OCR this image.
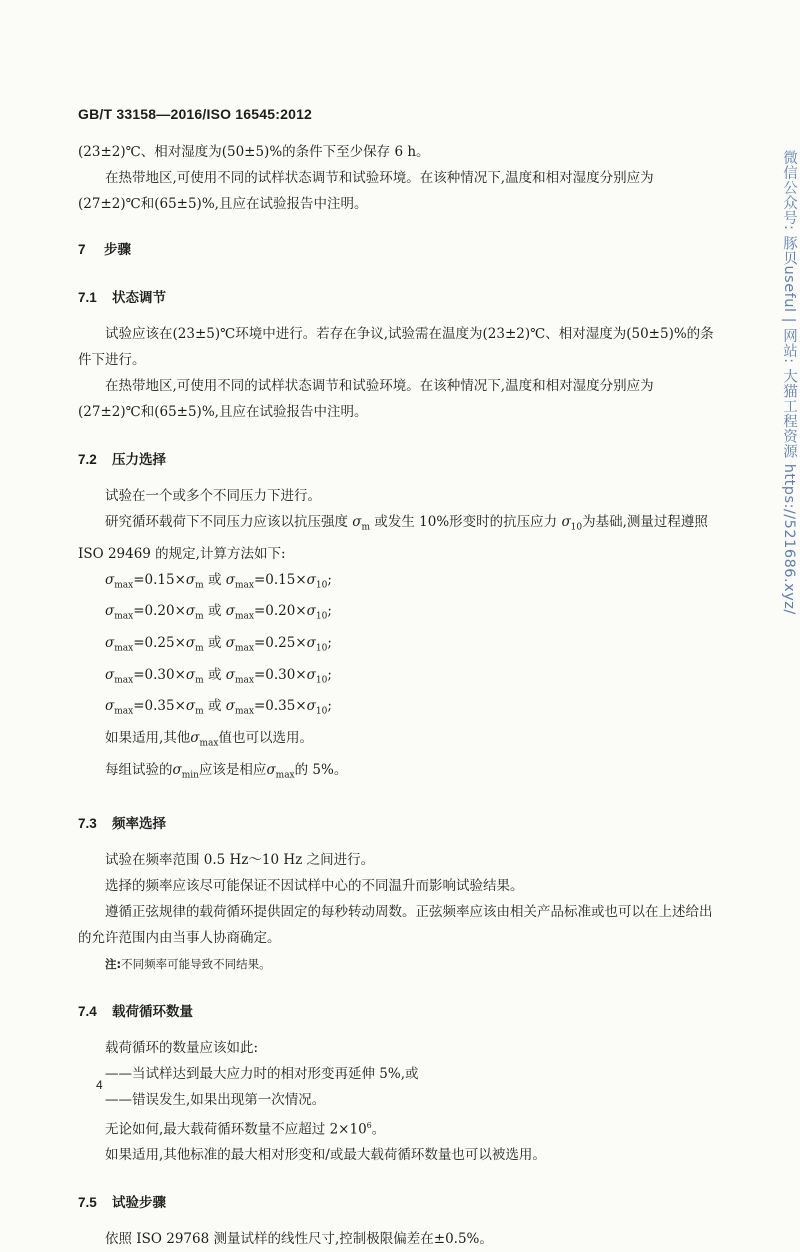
GB/T 33158—2016/ISO 16545:2012

(23±2)℃、相对湿度为(50±5)%的条件下至少保存 6 h。

在热带地区,可使用不同的试样状态调节和试验环境。在该种情况下,温度和相对湿度分别应为(27±2)℃和(65±5)%,且应在试验报告中注明。

7 步骤
7.1 状态调节

试验应该在(23±5)℃环境中进行。若存在争议,试验需在温度为(23±2)℃、相对湿度为(50±5)%的条件下进行。

在热带地区,可使用不同的试样状态调节和试验环境。在该种情况下,温度和相对湿度分别应为(27±2)℃和(65±5)%,且应在试验报告中注明。

7.2 压力选择

试验在一个或多个不同压力下进行。

研究循环载荷下不同压力应该以抗压强度 $\sigma_m$ 或发生 10%形变时的抗压应力 $\sigma_{10}$为基础,测量过程遵照 ISO 29469 的规定,计算方法如下:

$\sigma_{max}=0.15\times\sigma_m$ 或 $\sigma_{max}=0.15\times\sigma_{10}$;

$\sigma_{max}=0.20\times\sigma_m$ 或 $\sigma_{max}=0.20\times\sigma_{10}$;

$\sigma_{max}=0.25\times\sigma_m$ 或 $\sigma_{max}=0.25\times\sigma_{10}$;

$\sigma_{max}=0.30\times\sigma_m$ 或 $\sigma_{max}=0.30\times\sigma_{10}$;

$\sigma_{max}=0.35\times\sigma_m$ 或 $\sigma_{max}=0.35\times\sigma_{10}$;

如果适用,其他$\sigma_{max}$值也可以选用。

每组试验的$\sigma_{min}$应该是相应$\sigma_{max}$的 5%。

7.3 频率选择

试验在频率范围 0.5 Hz～10 Hz 之间进行。

选择的频率应该尽可能保证不因试样中心的不同温升而影响试验结果。

遵循正弦规律的载荷循环提供固定的每秒转动周数。正弦频率应该由相关产品标准或也可以在上述给出的允许范围内由当事人协商确定。

注:不同频率可能导致不同结果。

7.4 载荷循环数量

载荷循环的数量应该如此:

——当试样达到最大应力时的相对形变再延伸 5%,或

——错误发生,如果出现第一次情况。

无论如何,最大载荷循环数量不应超过 $2\times 10^6$。

如果适用,其他标准的最大相对形变和/或最大载荷循环数量也可以被选用。

7.5 试验步骤

依照 ISO 29768 测量试样的线性尺寸,控制极限偏差在±0.5%。

4
微信公众号: 豚贝useful | 网站: 大猫工程资源 https://521686.xyz/
